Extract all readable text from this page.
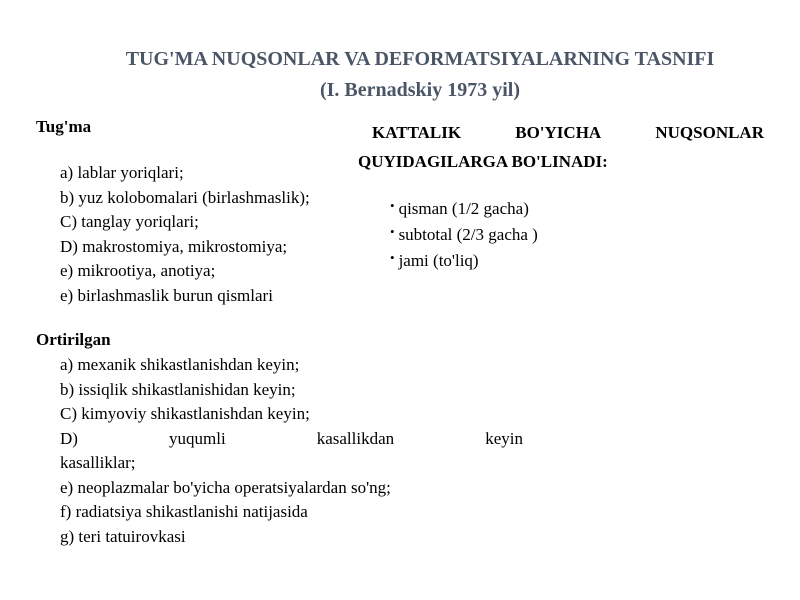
TUG'MA NUQSONLAR VA DEFORMATSIYALARNING TASNIFI
(I. Bernadskiy 1973 yil)
Tug'ma
a) lablar yoriqlari;
b) yuz kolobomalari (birlashmaslik);
C) tanglay yoriqlari;
D) makrostomiya, mikrostomiya;
e) mikrootiya, anotiya;
e) birlashmaslik burun qismlari
Ortirilgan
a) mexanik shikastlanishdan keyin;
b) issiqlik shikastlanishidan keyin;
C) kimyoviy shikastlanishdan keyin;
D)	yuqumli	kasallikdan	keyin
kasalliklar;
e) neoplazmalar bo'yicha operatsiyalardan so'ng;
f) radiatsiya shikastlanishi natijasida
g) teri tatuirovkasi
KATTALIK	BO'YICHA	NUQSONLAR
QUYIDAGILARGA BO'LINADI:
• qisman (1/2 gacha)
• subtotal (2/3 gacha )
• jami (to'liq)
